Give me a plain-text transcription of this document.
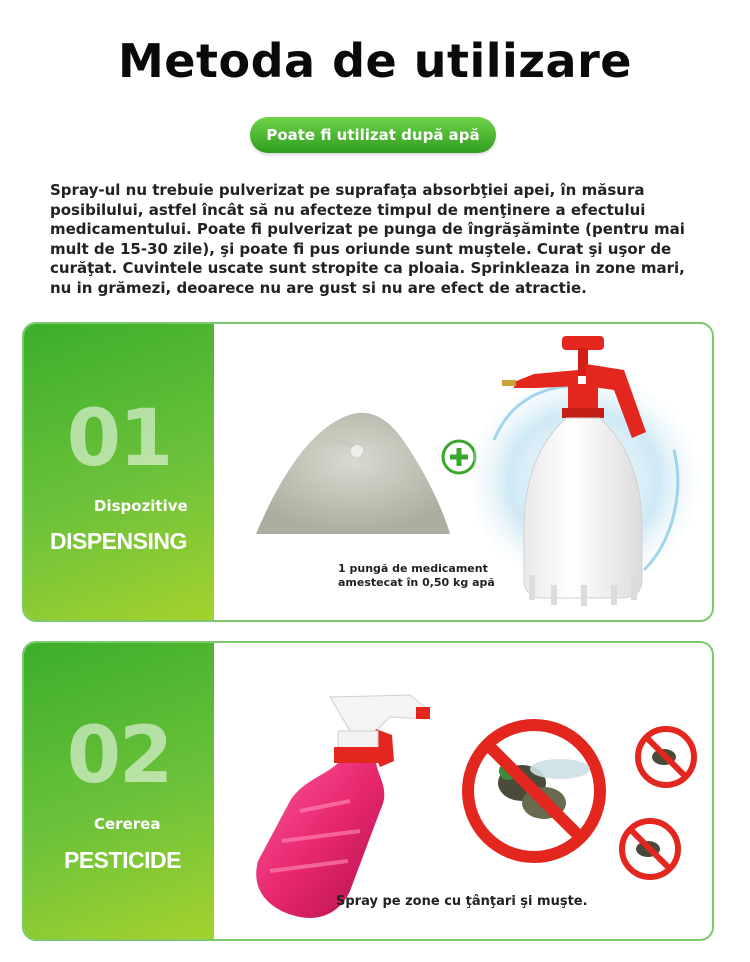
Metoda de utilizare
Poate fi utilizat după apă

Spray-ul nu trebuie pulverizat pe suprafaţa absorbţiei apei, în măsura posibilului, astfel încât să nu afecteze timpul de menţinere a efectului medicamentului. Poate fi pulverizat pe punga de îngrăşăminte (pentru mai mult de 15-30 zile), şi poate fi pus oriunde sunt muştele. Curat şi uşor de curăţat. Cuvintele uscate sunt stropite ca ploaia. Sprinkleaza in zone mari, nu in grămezi, deoarece nu are gust si nu are efect de atractie.

01
Dispozitive
DISPENSING
1 pungă de medicament
amestecat în 0,50 kg apă
02
Cererea
PESTICIDE
Spray pe zone cu ţânţari şi muşte.
